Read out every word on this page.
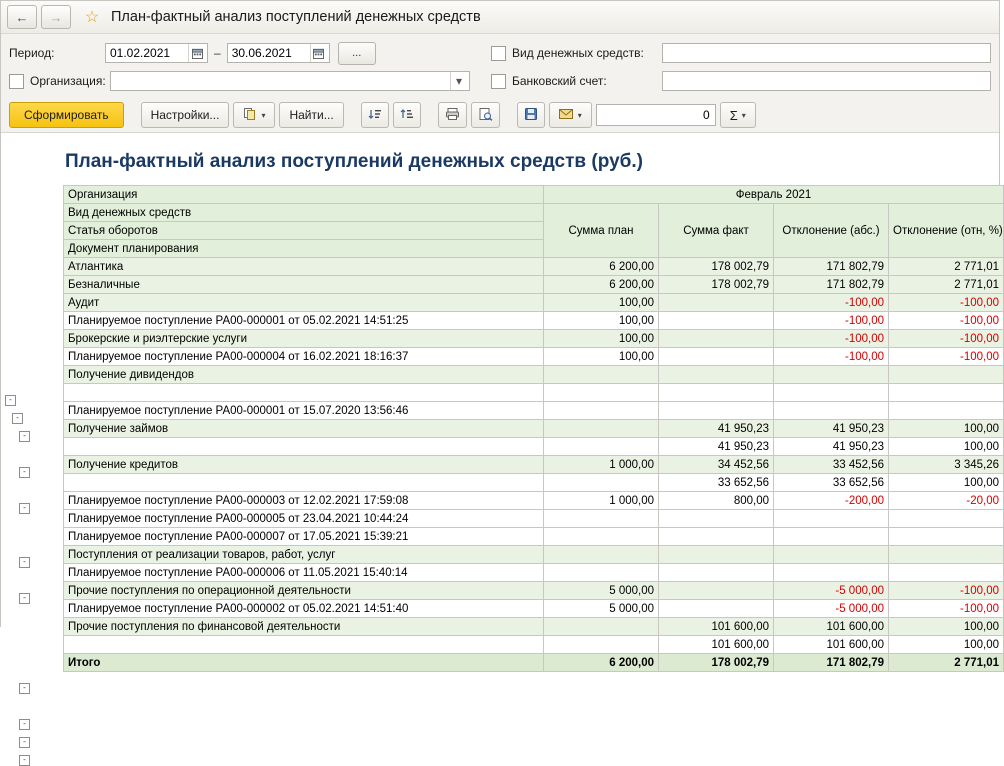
← → ☆ План-фактный анализ поступлений денежных средств
Период:	01.02.2021	– 30.06.2021	...	Вид денежных средств:
Организация:	▾	Банковский счет:
Сформировать	Настройки...	▾ Найти...	▾	0 Σ ▾
-
-
-
-
-
-
-
-
-
-
-
План-фактный анализ поступлений денежных средств (руб.)
Организация	Февраль 2021			
Вид денежных средств	Сумма план	Сумма факт	Отклонение (абс.)	Отклонение (отн, %)
Статья оборотов				
Документ планирования				
Атлантика	6 200,00	178 002,79	171 802,79	2 771,01
Безналичные	6 200,00	178 002,79	171 802,79	2 771,01
Аудит	100,00		-100,00	-100,00
Планируемое поступление РА00-000001 от 05.02.2021 14:51:25	100,00		-100,00	-100,00
Брокерские и риэлтерские услуги	100,00		-100,00	-100,00
Планируемое поступление РА00-000004 от 16.02.2021 18:16:37	100,00		-100,00	-100,00
Получение дивидендов				

Планируемое поступление РА00-000001 от 15.07.2020 13:56:46				
Получение займов		41 950,23	41 950,23	100,00
		41 950,23	41 950,23	100,00
Получение кредитов	1 000,00	34 452,56	33 452,56	3 345,26
		33 652,56	33 652,56	100,00
Планируемое поступление РА00-000003 от 12.02.2021 17:59:08	1 000,00	800,00	-200,00	-20,00
Планируемое поступление РА00-000005 от 23.04.2021 10:44:24				
Планируемое поступление РА00-000007 от 17.05.2021 15:39:21				
Поступления от реализации товаров, работ, услуг				
Планируемое поступление РА00-000006 от 11.05.2021 15:40:14				
Прочие поступления по операционной деятельности	5 000,00		-5 000,00	-100,00
Планируемое поступление РА00-000002 от 05.02.2021 14:51:40	5 000,00		-5 000,00	-100,00
Прочие поступления по финансовой деятельности		101 600,00	101 600,00	100,00
		101 600,00	101 600,00	100,00
Итого	6 200,00	178 002,79	171 802,79	2 771,01
